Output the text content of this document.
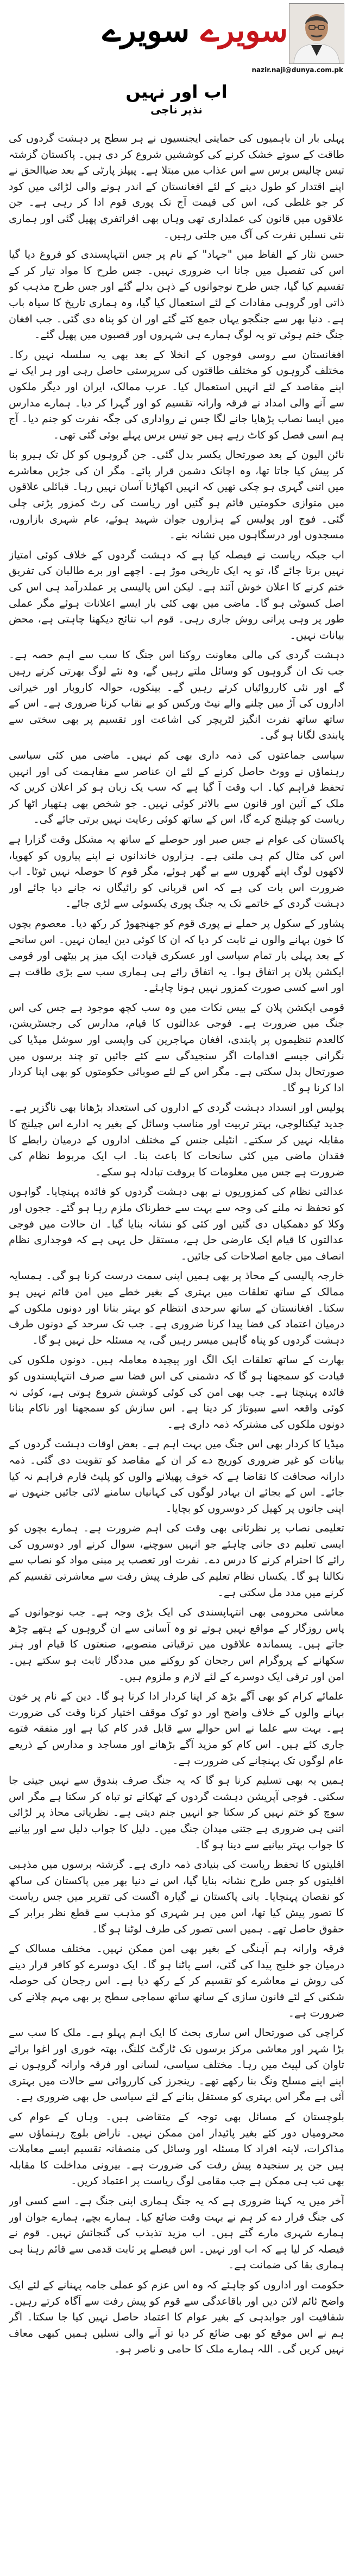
سویرے سویرے
nazir.naji@dunya.com.pk
اب اور نہیں
نذیر ناجی

پہلی بار ان باہمیوں کی حمایتی ایجنسیوں نے ہر سطح پر دہشت گردوں کی طاقت کے سوتے خشک کرنے کی کوششیں شروع کر دی ہیں۔ پاکستان گزشتہ تیس چالیس برس سے اس عذاب میں مبتلا ہے۔ پیپلز پارٹی کے بعد ضیاالحق نے اپنے اقتدار کو طول دینے کے لئے افغانستان کے اندر ہونے والی لڑائی میں کود کر جو غلطی کی، اس کی قیمت آج تک پوری قوم ادا کر رہی ہے۔ جن علاقوں میں قانون کی عملداری تھی وہاں بھی افراتفری پھیل گئی اور ہماری نئی نسلیں نفرت کی آگ میں جلتی رہیں۔

حسن نثار کے الفاظ میں "جہاد" کے نام پر جس انتہاپسندی کو فروغ دیا گیا اس کی تفصیل میں جانا اب ضروری نہیں۔ جس طرح کا مواد تیار کر کے تقسیم کیا گیا، جس طرح نوجوانوں کے ذہن بدلے گئے اور جس طرح مذہب کو ذاتی اور گروہی مفادات کے لئے استعمال کیا گیا، وہ ہماری تاریخ کا سیاہ باب ہے۔ دنیا بھر سے جنگجو یہاں جمع کئے گئے اور ان کو پناہ دی گئی۔ جب افغان جنگ ختم ہوئی تو یہ لوگ ہمارے ہی شہروں اور قصبوں میں پھیل گئے۔

افغانستان سے روسی فوجوں کے انخلا کے بعد بھی یہ سلسلہ نہیں رکا۔ مختلف گروہوں کو مختلف طاقتوں کی سرپرستی حاصل رہی اور ہر ایک نے اپنے مقاصد کے لئے انہیں استعمال کیا۔ عرب ممالک، ایران اور دیگر ملکوں سے آنے والی امداد نے فرقہ وارانہ تقسیم کو اور گہرا کر دیا۔ ہمارے مدارس میں ایسا نصاب پڑھایا جانے لگا جس نے رواداری کی جگہ نفرت کو جنم دیا۔ آج ہم اسی فصل کو کاٹ رہے ہیں جو تیس برس پہلے بوئی گئی تھی۔

نائن الیون کے بعد صورتحال یکسر بدل گئی۔ جن گروہوں کو کل تک ہیرو بنا کر پیش کیا جاتا تھا، وہ اچانک دشمن قرار پائے۔ مگر ان کی جڑیں معاشرے میں اتنی گہری ہو چکی تھیں کہ انہیں اکھاڑنا آسان نہیں رہا۔ قبائلی علاقوں میں متوازی حکومتیں قائم ہو گئیں اور ریاست کی رٹ کمزور پڑتی چلی گئی۔ فوج اور پولیس کے ہزاروں جوان شہید ہوئے، عام شہری بازاروں، مسجدوں اور درسگاہوں میں نشانہ بنے۔

اب جبکہ ریاست نے فیصلہ کیا ہے کہ دہشت گردوں کے خلاف کوئی امتیاز نہیں برتا جائے گا، تو یہ ایک تاریخی موڑ ہے۔ اچھے اور برے طالبان کی تفریق ختم کرنے کا اعلان خوش آئند ہے۔ لیکن اس پالیسی پر عملدرآمد ہی اس کی اصل کسوٹی ہو گا۔ ماضی میں بھی کئی بار ایسے اعلانات ہوئے مگر عملی طور پر وہی پرانی روش جاری رہی۔ قوم اب نتائج دیکھنا چاہتی ہے، محض بیانات نہیں۔

دہشت گردی کی مالی معاونت روکنا اس جنگ کا سب سے اہم حصہ ہے۔ جب تک ان گروہوں کو وسائل ملتے رہیں گے، وہ نئے لوگ بھرتی کرتے رہیں گے اور نئی کارروائیاں کرتے رہیں گے۔ بینکوں، حوالہ کاروبار اور خیراتی اداروں کی آڑ میں چلنے والے نیٹ ورکس کو بے نقاب کرنا ضروری ہے۔ اس کے ساتھ ساتھ نفرت انگیز لٹریچر کی اشاعت اور تقسیم پر بھی سختی سے پابندی لگانا ہو گی۔

سیاسی جماعتوں کی ذمہ داری بھی کم نہیں۔ ماضی میں کئی سیاسی رہنماؤں نے ووٹ حاصل کرنے کے لئے ان عناصر سے مفاہمت کی اور انہیں تحفظ فراہم کیا۔ اب وقت آ گیا ہے کہ سب یک زبان ہو کر اعلان کریں کہ ملک کے آئین اور قانون سے بالاتر کوئی نہیں۔ جو شخص بھی ہتھیار اٹھا کر ریاست کو چیلنج کرے گا، اس کے ساتھ کوئی رعایت نہیں برتی جائے گی۔

پاکستان کی عوام نے جس صبر اور حوصلے کے ساتھ یہ مشکل وقت گزارا ہے اس کی مثال کم ہی ملتی ہے۔ ہزاروں خاندانوں نے اپنے پیاروں کو کھویا، لاکھوں لوگ اپنے گھروں سے بے گھر ہوئے، مگر قوم کا حوصلہ نہیں ٹوٹا۔ اب ضرورت اس بات کی ہے کہ اس قربانی کو رائیگاں نہ جانے دیا جائے اور دہشت گردی کے خاتمے تک یہ جنگ پوری یکسوئی سے لڑی جائے۔

پشاور کے سکول پر حملے نے پوری قوم کو جھنجھوڑ کر رکھ دیا۔ معصوم بچوں کا خون بہانے والوں نے ثابت کر دیا کہ ان کا کوئی دین ایمان نہیں۔ اس سانحے کے بعد پہلی بار تمام سیاسی اور عسکری قیادت ایک میز پر بیٹھی اور قومی ایکشن پلان پر اتفاق ہوا۔ یہ اتفاق رائے ہی ہماری سب سے بڑی طاقت ہے اور اسے کسی صورت کمزور نہیں ہونا چاہئے۔

قومی ایکشن پلان کے بیس نکات میں وہ سب کچھ موجود ہے جس کی اس جنگ میں ضرورت ہے۔ فوجی عدالتوں کا قیام، مدارس کی رجسٹریشن، کالعدم تنظیموں پر پابندی، افغان مہاجرین کی واپسی اور سوشل میڈیا کی نگرانی جیسے اقدامات اگر سنجیدگی سے کئے جائیں تو چند برسوں میں صورتحال بدل سکتی ہے۔ مگر اس کے لئے صوبائی حکومتوں کو بھی اپنا کردار ادا کرنا ہو گا۔

پولیس اور انسداد دہشت گردی کے اداروں کی استعداد بڑھانا بھی ناگزیر ہے۔ جدید ٹیکنالوجی، بہتر تربیت اور مناسب وسائل کے بغیر یہ ادارے اس چیلنج کا مقابلہ نہیں کر سکتے۔ انٹیلی جنس کے مختلف اداروں کے درمیان رابطے کا فقدان ماضی میں کئی سانحات کا باعث بنا۔ اب ایک مربوط نظام کی ضرورت ہے جس میں معلومات کا بروقت تبادلہ ہو سکے۔

عدالتی نظام کی کمزوریوں نے بھی دہشت گردوں کو فائدہ پہنچایا۔ گواہوں کو تحفظ نہ ملنے کی وجہ سے بہت سے خطرناک ملزم رہا ہو گئے۔ ججوں اور وکلا کو دھمکیاں دی گئیں اور کئی کو نشانہ بنایا گیا۔ ان حالات میں فوجی عدالتوں کا قیام ایک عارضی حل ہے، مستقل حل یہی ہے کہ فوجداری نظام انصاف میں جامع اصلاحات کی جائیں۔

خارجہ پالیسی کے محاذ پر بھی ہمیں اپنی سمت درست کرنا ہو گی۔ ہمسایہ ممالک کے ساتھ تعلقات میں بہتری کے بغیر خطے میں امن قائم نہیں ہو سکتا۔ افغانستان کے ساتھ سرحدی انتظام کو بہتر بنانا اور دونوں ملکوں کے درمیان اعتماد کی فضا پیدا کرنا ضروری ہے۔ جب تک سرحد کے دونوں طرف دہشت گردوں کو پناہ گاہیں میسر رہیں گی، یہ مسئلہ حل نہیں ہو گا۔

بھارت کے ساتھ تعلقات ایک الگ اور پیچیدہ معاملہ ہیں۔ دونوں ملکوں کی قیادت کو سمجھنا ہو گا کہ دشمنی کی اس فضا سے صرف انتہاپسندوں کو فائدہ پہنچتا ہے۔ جب بھی امن کی کوئی کوشش شروع ہوتی ہے، کوئی نہ کوئی واقعہ اسے سبوتاژ کر دیتا ہے۔ اس سازش کو سمجھنا اور ناکام بنانا دونوں ملکوں کی مشترکہ ذمہ داری ہے۔

میڈیا کا کردار بھی اس جنگ میں بہت اہم ہے۔ بعض اوقات دہشت گردوں کے بیانات کو غیر ضروری کوریج دے کر ان کے مقاصد کو تقویت دی گئی۔ ذمہ دارانہ صحافت کا تقاضا ہے کہ خوف پھیلانے والوں کو پلیٹ فارم فراہم نہ کیا جائے۔ اس کے بجائے ان بہادر لوگوں کی کہانیاں سامنے لائی جائیں جنہوں نے اپنی جانوں پر کھیل کر دوسروں کو بچایا۔

تعلیمی نصاب پر نظرثانی بھی وقت کی اہم ضرورت ہے۔ ہمارے بچوں کو ایسی تعلیم دی جانی چاہئے جو انہیں سوچنے، سوال کرنے اور دوسروں کی رائے کا احترام کرنے کا درس دے۔ نفرت اور تعصب پر مبنی مواد کو نصاب سے نکالنا ہو گا۔ یکساں نظام تعلیم کی طرف پیش رفت سے معاشرتی تقسیم کم کرنے میں مدد مل سکتی ہے۔

معاشی محرومی بھی انتہاپسندی کی ایک بڑی وجہ ہے۔ جب نوجوانوں کے پاس روزگار کے مواقع نہیں ہوتے تو وہ آسانی سے ان گروہوں کے ہتھے چڑھ جاتے ہیں۔ پسماندہ علاقوں میں ترقیاتی منصوبے، صنعتوں کا قیام اور ہنر سکھانے کے پروگرام اس رجحان کو روکنے میں مددگار ثابت ہو سکتے ہیں۔ امن اور ترقی ایک دوسرے کے لئے لازم و ملزوم ہیں۔

علمائے کرام کو بھی آگے بڑھ کر اپنا کردار ادا کرنا ہو گا۔ دین کے نام پر خون بہانے والوں کے خلاف واضح اور دو ٹوک موقف اختیار کرنا وقت کی ضرورت ہے۔ بہت سے علما نے اس حوالے سے قابل قدر کام کیا ہے اور متفقہ فتوے جاری کئے ہیں۔ اس کام کو مزید آگے بڑھانے اور مساجد و مدارس کے ذریعے عام لوگوں تک پہنچانے کی ضرورت ہے۔

ہمیں یہ بھی تسلیم کرنا ہو گا کہ یہ جنگ صرف بندوق سے نہیں جیتی جا سکتی۔ فوجی آپریشن دہشت گردوں کے ٹھکانے تو تباہ کر سکتا ہے مگر اس سوچ کو ختم نہیں کر سکتا جو انہیں جنم دیتی ہے۔ نظریاتی محاذ پر لڑائی اتنی ہی ضروری ہے جتنی میدان جنگ میں۔ دلیل کا جواب دلیل سے اور بیانیے کا جواب بہتر بیانیے سے دینا ہو گا۔

اقلیتوں کا تحفظ ریاست کی بنیادی ذمہ داری ہے۔ گزشتہ برسوں میں مذہبی اقلیتوں کو جس طرح نشانہ بنایا گیا، اس نے دنیا بھر میں پاکستان کی ساکھ کو نقصان پہنچایا۔ بانی پاکستان نے گیارہ اگست کی تقریر میں جس ریاست کا تصور پیش کیا تھا، اس میں ہر شہری کو مذہب سے قطع نظر برابر کے حقوق حاصل تھے۔ ہمیں اسی تصور کی طرف لوٹنا ہو گا۔

فرقہ وارانہ ہم آہنگی کے بغیر بھی امن ممکن نہیں۔ مختلف مسالک کے درمیان جو خلیج پیدا کی گئی، اسے پاٹنا ہو گا۔ ایک دوسرے کو کافر قرار دینے کی روش نے معاشرے کو تقسیم کر کے رکھ دیا ہے۔ اس رجحان کی حوصلہ شکنی کے لئے قانون سازی کے ساتھ ساتھ سماجی سطح پر بھی مہم چلانے کی ضرورت ہے۔

کراچی کی صورتحال اس ساری بحث کا ایک اہم پہلو ہے۔ ملک کا سب سے بڑا شہر اور معاشی مرکز برسوں تک ٹارگٹ کلنگ، بھتہ خوری اور اغوا برائے تاوان کی لپیٹ میں رہا۔ مختلف سیاسی، لسانی اور فرقہ وارانہ گروہوں نے اپنے اپنے مسلح ونگ بنا رکھے تھے۔ رینجرز کی کارروائی سے حالات میں بہتری آئی ہے مگر اس بہتری کو مستقل بنانے کے لئے سیاسی حل بھی ضروری ہے۔

بلوچستان کے مسائل بھی توجہ کے متقاضی ہیں۔ وہاں کے عوام کی محرومیاں دور کئے بغیر پائیدار امن ممکن نہیں۔ ناراض بلوچ رہنماؤں سے مذاکرات، لاپتہ افراد کا مسئلہ اور وسائل کی منصفانہ تقسیم ایسے معاملات ہیں جن پر سنجیدہ پیش رفت کی ضرورت ہے۔ بیرونی مداخلت کا مقابلہ بھی تب ہی ممکن ہے جب مقامی لوگ ریاست پر اعتماد کریں۔

آخر میں یہ کہنا ضروری ہے کہ یہ جنگ ہماری اپنی جنگ ہے۔ اسے کسی اور کی جنگ قرار دے کر ہم نے بہت وقت ضائع کیا۔ ہمارے بچے، ہمارے جوان اور ہمارے شہری مارے گئے ہیں۔ اب مزید تذبذب کی گنجائش نہیں۔ قوم نے فیصلہ کر لیا ہے کہ اب اور نہیں۔ اس فیصلے پر ثابت قدمی سے قائم رہنا ہی ہماری بقا کی ضمانت ہے۔

حکومت اور اداروں کو چاہئے کہ وہ اس عزم کو عملی جامہ پہنانے کے لئے ایک واضح ٹائم لائن دیں اور باقاعدگی سے قوم کو پیش رفت سے آگاہ کرتے رہیں۔ شفافیت اور جوابدہی کے بغیر عوام کا اعتماد حاصل نہیں کیا جا سکتا۔ اگر ہم نے اس موقع کو بھی ضائع کر دیا تو آنے والی نسلیں ہمیں کبھی معاف نہیں کریں گی۔ اللہ ہمارے ملک کا حامی و ناصر ہو۔
